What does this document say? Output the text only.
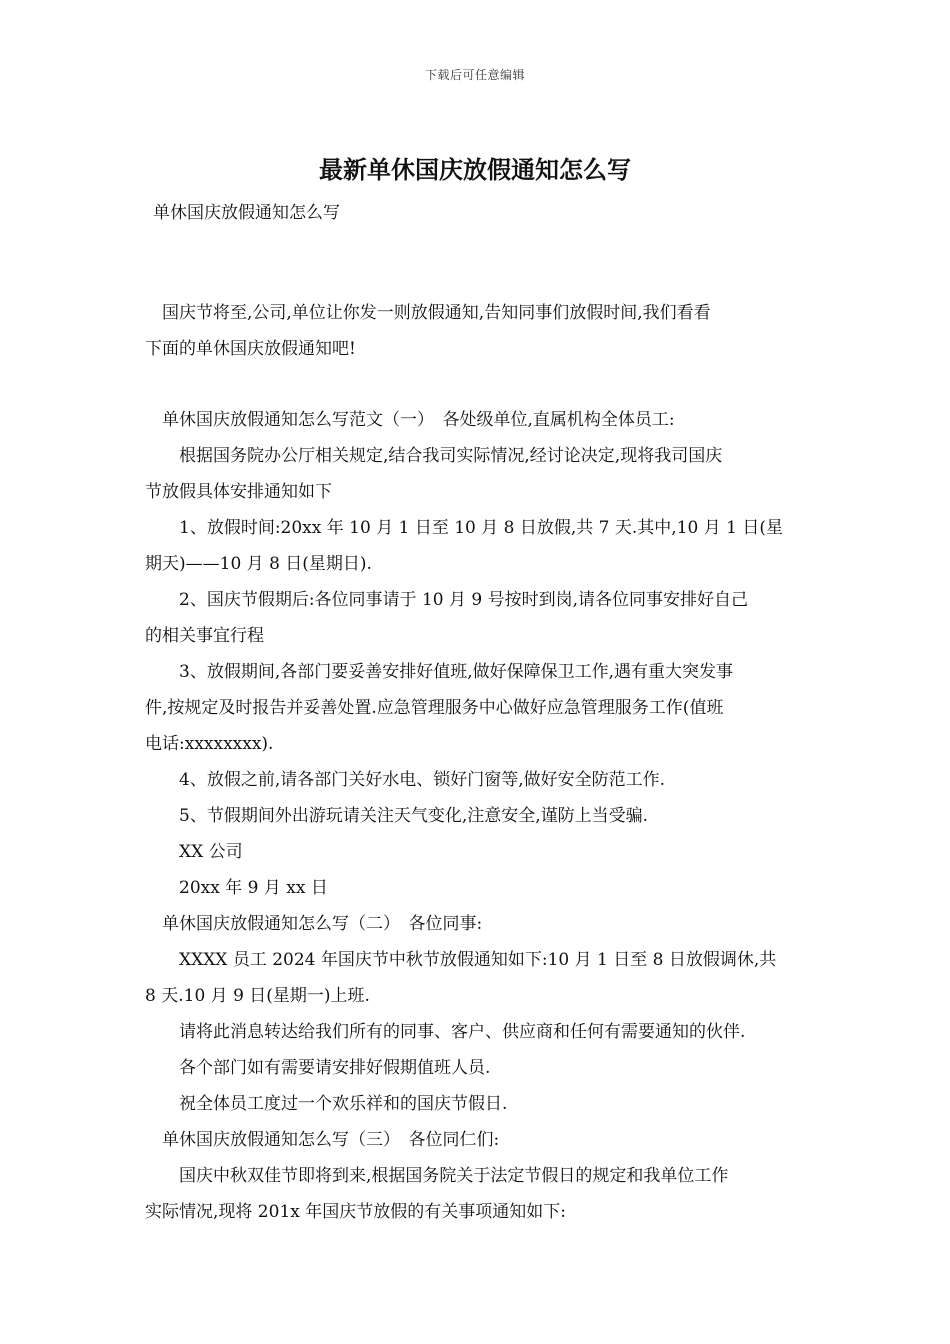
下载后可任意编辑
最新单休国庆放假通知怎么写
单休国庆放假通知怎么写
　国庆节将至,公司,单位让你发一则放假通知,告知同事们放假时间,我们看看
下面的单休国庆放假通知吧!
　单休国庆放假通知怎么写范文（一）　各处级单位,直属机构全体员工:
　　根据国务院办公厅相关规定,结合我司实际情况,经讨论决定,现将我司国庆
节放假具体安排通知如下
　　1、放假时间:20xx 年 10 月 1 日至 10 月 8 日放假,共 7 天.其中,10 月 1 日(星
期天)——10 月 8 日(星期日).
　　2、国庆节假期后:各位同事请于 10 月 9 号按时到岗,请各位同事安排好自己
的相关事宜行程
　　3、放假期间,各部门要妥善安排好值班,做好保障保卫工作,遇有重大突发事
件,按规定及时报告并妥善处置.应急管理服务中心做好应急管理服务工作(值班
电话:xxxxxxxx).
　　4、放假之前,请各部门关好水电、锁好门窗等,做好安全防范工作.
　　5、节假期间外出游玩请关注天气变化,注意安全,谨防上当受骗.
　　XX 公司
　　20xx 年 9 月 xx 日
　单休国庆放假通知怎么写（二）　各位同事:
　　XXXX 员工 2024 年国庆节中秋节放假通知如下:10 月 1 日至 8 日放假调休,共
8 天.10 月 9 日(星期一)上班.
　　请将此消息转达给我们所有的同事、客户、供应商和任何有需要通知的伙伴.
　　各个部门如有需要请安排好假期值班人员.
　　祝全体员工度过一个欢乐祥和的国庆节假日.
　单休国庆放假通知怎么写（三）　各位同仁们:
　　国庆中秋双佳节即将到来,根据国务院关于法定节假日的规定和我单位工作
实际情况,现将 201x 年国庆节放假的有关事项通知如下:
